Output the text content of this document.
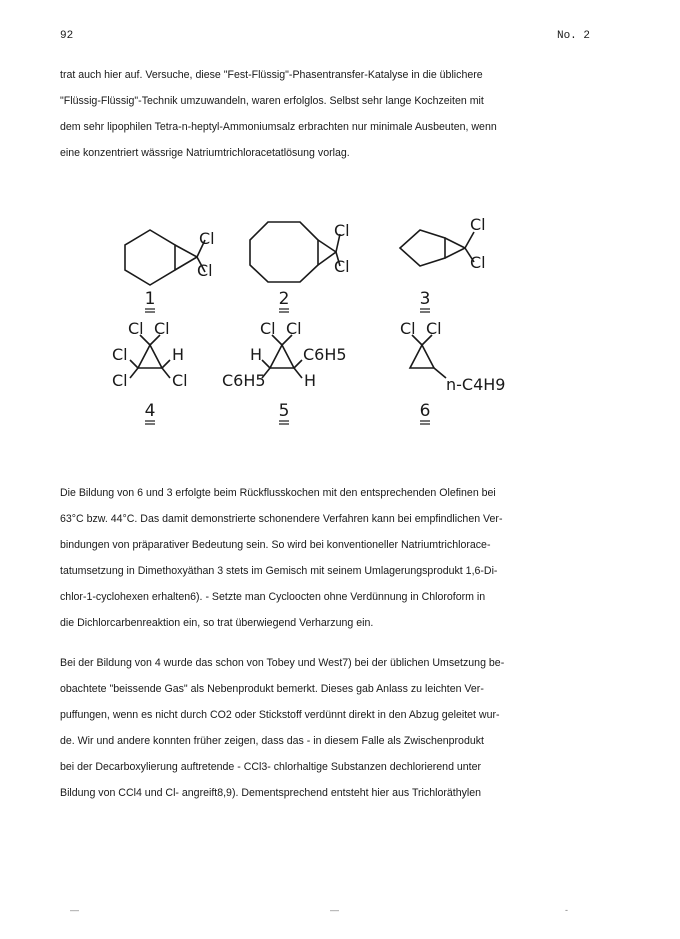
92	No. 2

trat auch hier auf. Versuche, diese "Fest-Flüssig"-Phasentransfer-Katalyse in die üblichere

"Flüssig-Flüssig"-Technik umzuwandeln, waren erfolglos. Selbst sehr lange Kochzeiten mit

dem sehr lipophilen Tetra-n-heptyl-Ammoniumsalz erbrachten nur minimale Ausbeuten, wenn

eine konzentriert wässrige Natriumtrichloracetatlösung vorlag.

Cl
Cl
Cl
Cl
Cl
Cl
Cl Cl
Cl	H
Cl	Cl
Cl Cl
H	C6H5
C6H5 H
Cl Cl
n-C4H9
1	2	3
4	5	6

Die Bildung von 6 und 3 erfolgte beim Rückflusskochen mit den entsprechenden Olefinen bei

63°C bzw. 44°C. Das damit demonstrierte schonendere Verfahren kann bei empfindlichen Ver-

bindungen von präparativer Bedeutung sein. So wird bei konventioneller Natriumtrichlorace-

tatumsetzung in Dimethoxyäthan 3 stets im Gemisch mit seinem Umlagerungsprodukt 1,6-Di-

chlor-1-cyclohexen erhalten6). - Setzte man Cycloocten ohne Verdünnung in Chloroform in

die Dichlorcarbenreaktion ein, so trat überwiegend Verharzung ein.

Bei der Bildung von 4 wurde das schon von Tobey und West7) bei der üblichen Umsetzung be-

obachtete "beissende Gas" als Nebenprodukt bemerkt. Dieses gab Anlass zu leichten Ver-

puffungen, wenn es nicht durch CO2 oder Stickstoff verdünnt direkt in den Abzug geleitet wur-

de. Wir und andere konnten früher zeigen, dass das - in diesem Falle als Zwischenprodukt

bei der Decarboxylierung auftretende - CCl3- chlorhaltige Substanzen dechlorierend unter

Bildung von CCl4 und Cl- angreift8,9). Dementsprechend entsteht hier aus Trichloräthylen

—	—	-
